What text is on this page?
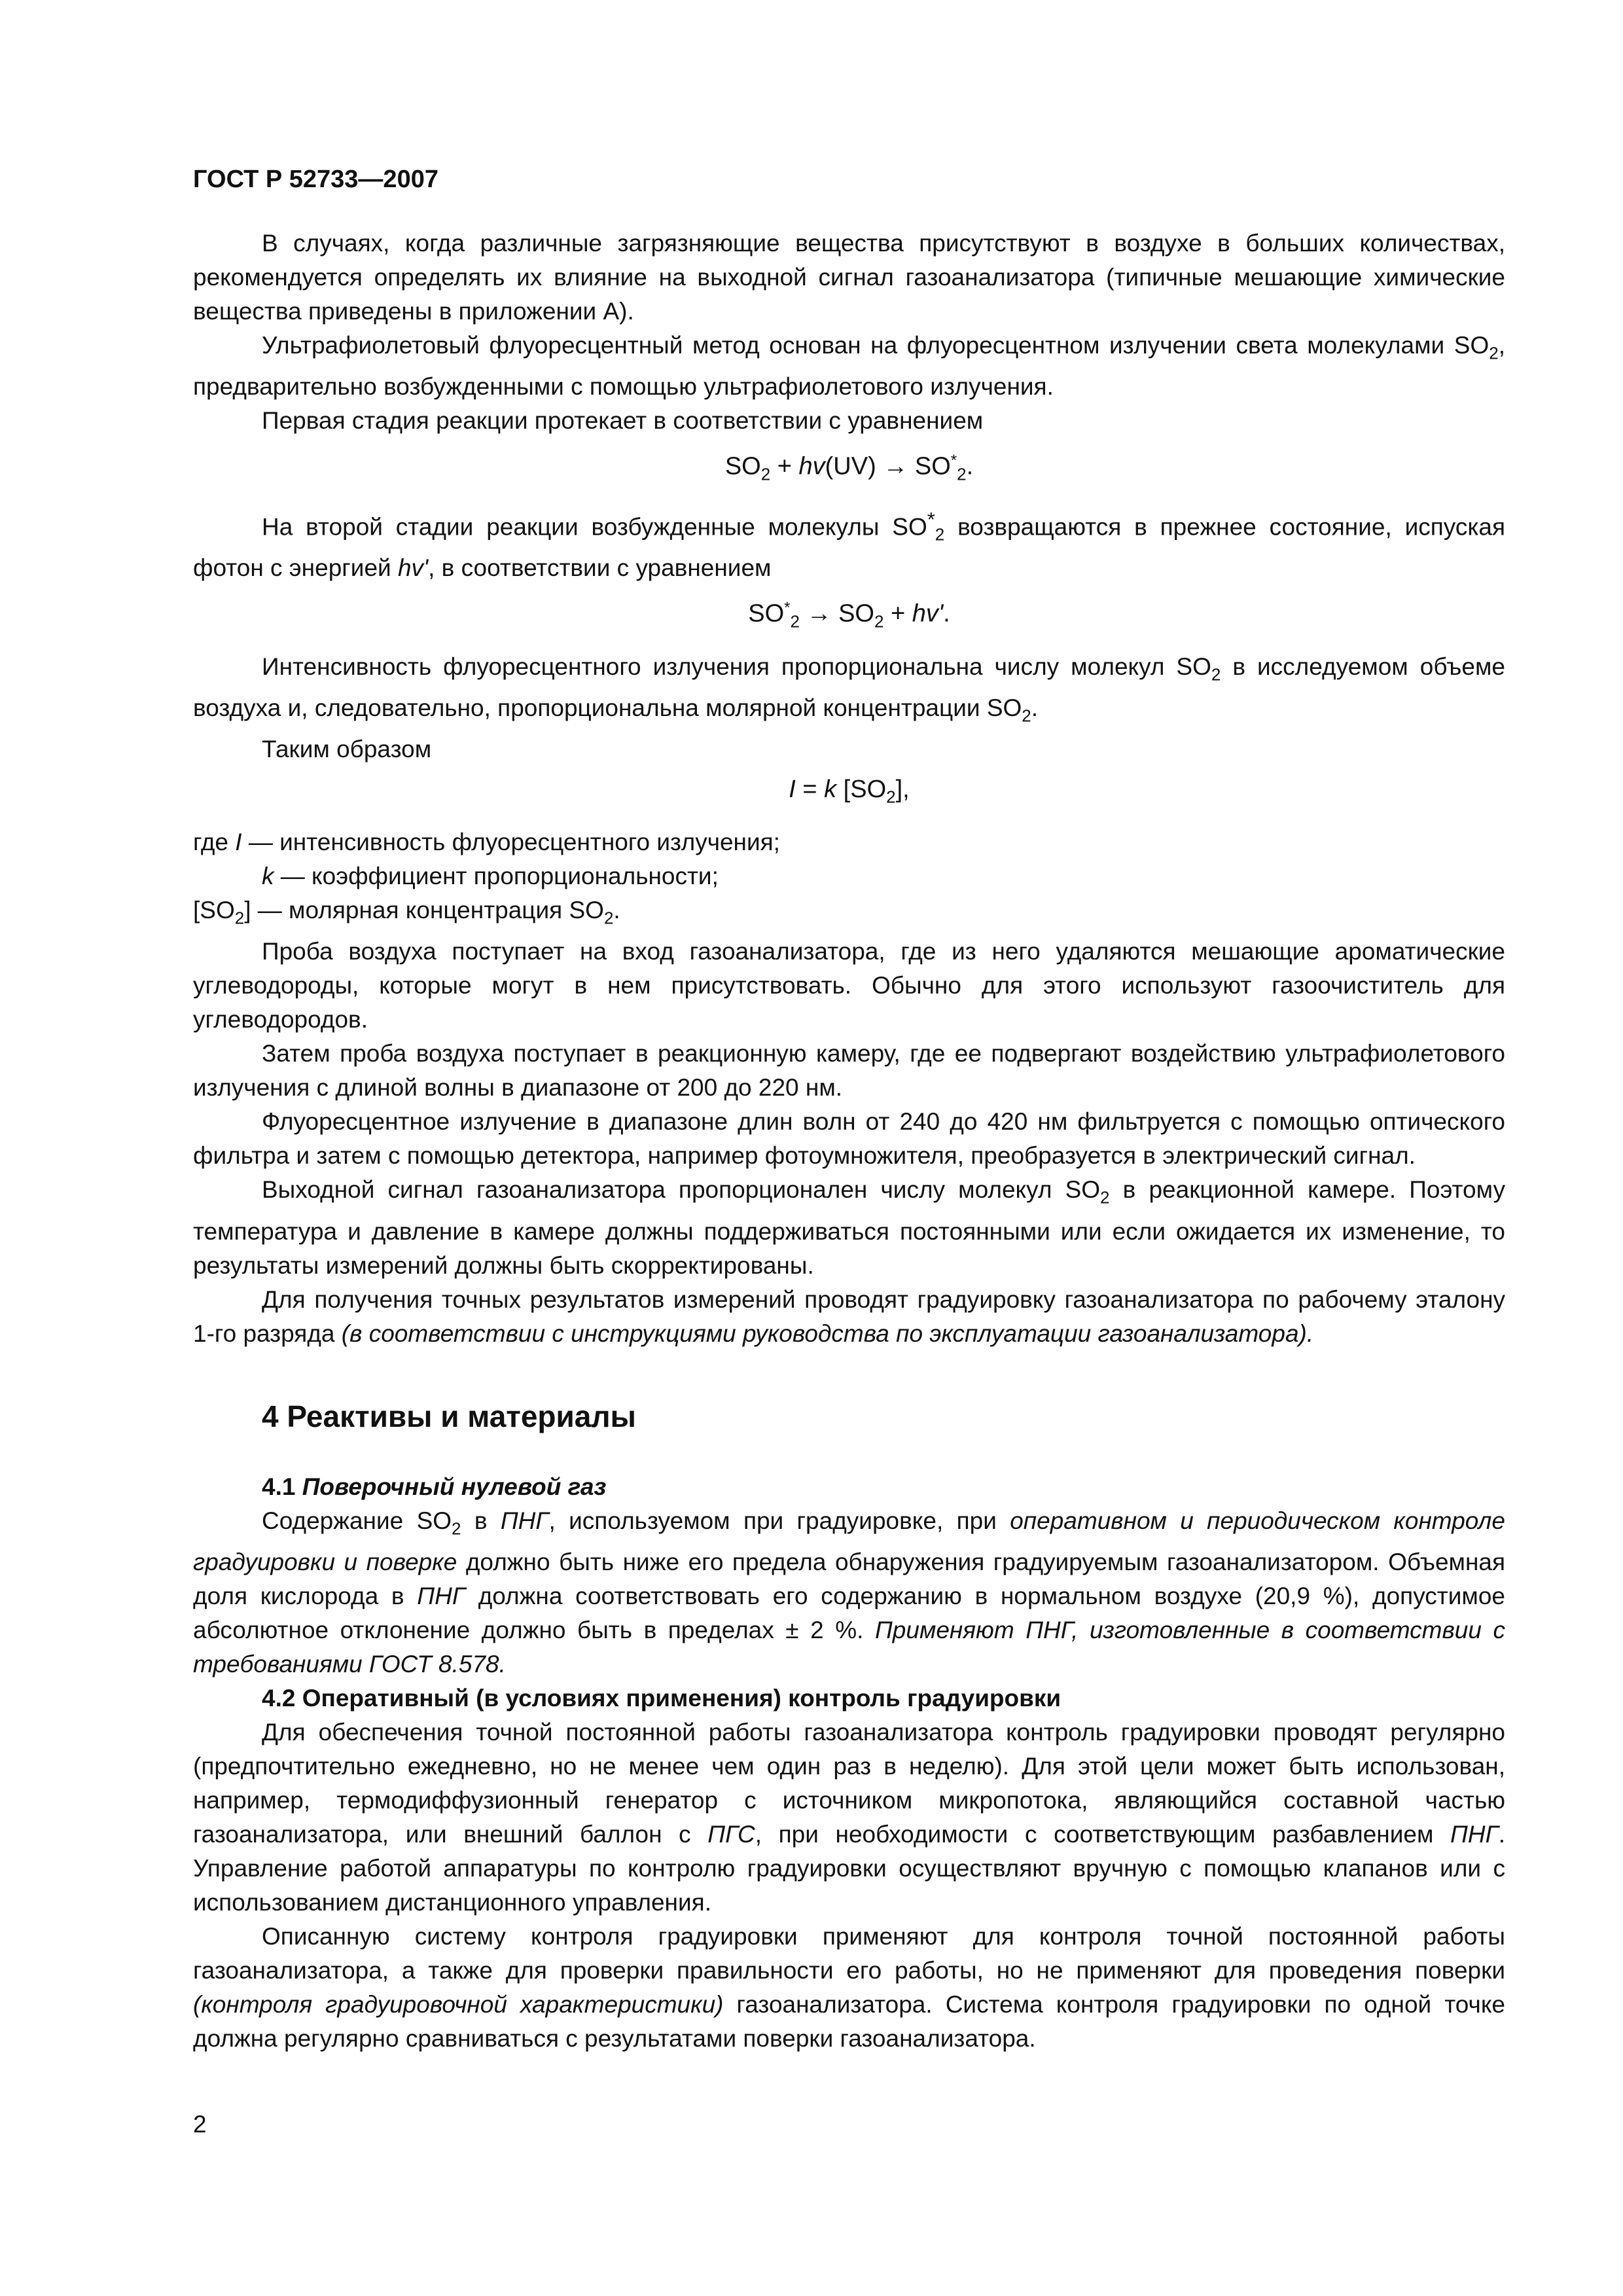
ГОСТ Р 52733—2007

В случаях, когда различные загрязняющие вещества присутствуют в воздухе в больших количествах, рекомендуется определять их влияние на выходной сигнал газоанализатора (типичные мешающие химические вещества приведены в приложении А).

Ультрафиолетовый флуоресцентный метод основан на флуоресцентном излучении света молекулами $SO_2$, предварительно возбужденными с помощью ультрафиолетового излучения.

Первая стадия реакции протекает в соответствии с уравнением

$SO_2 + hv(UV) \to SO^*_2$.

На второй стадии реакции возбужденные молекулы $SO^*_2$ возвращаются в прежнее состояние, испуская фотон с энергией hv', в соответствии с уравнением

$SO^*_2 \to SO_2 + hv'$.

Интенсивность флуоресцентного излучения пропорциональна числу молекул $SO_2$ в исследуемом объеме воздуха и, следовательно, пропорциональна молярной концентрации $SO_2$.

Таким образом

I = k $[SO_2]$,

где I — интенсивность флуоресцентного излучения;

k — коэффициент пропорциональности;

$[SO_2]$ — молярная концентрация $SO_2$.

Проба воздуха поступает на вход газоанализатора, где из него удаляются мешающие ароматические углеводороды, которые могут в нем присутствовать. Обычно для этого используют газоочиститель для углеводородов.

Затем проба воздуха поступает в реакционную камеру, где ее подвергают воздействию ультрафиолетового излучения с длиной волны в диапазоне от 200 до 220 нм.

Флуоресцентное излучение в диапазоне длин волн от 240 до 420 нм фильтруется с помощью оптического фильтра и затем с помощью детектора, например фотоумножителя, преобразуется в электрический сигнал.

Выходной сигнал газоанализатора пропорционален числу молекул $SO_2$ в реакционной камере. Поэтому температура и давление в камере должны поддерживаться постоянными или если ожидается их изменение, то результаты измерений должны быть скорректированы.

Для получения точных результатов измерений проводят градуировку газоанализатора по рабочему эталону 1-го разряда (в соответствии с инструкциями руководства по эксплуатации газоанализатора).

4 Реактивы и материалы
4.1 Поверочный нулевой газ

Содержание $SO_2$ в ПНГ, используемом при градуировке, при оперативном и периодическом контроле градуировки и поверке должно быть ниже его предела обнаружения градуируемым газоанализатором. Объемная доля кислорода в ПНГ должна соответствовать его содержанию в нормальном воздухе (20,9 %), допустимое абсолютное отклонение должно быть в пределах ± 2 %. Применяют ПНГ, изготовленные в соответствии с требованиями ГОСТ 8.578.

4.2 Оперативный (в условиях применения) контроль градуировки

Для обеспечения точной постоянной работы газоанализатора контроль градуировки проводят регулярно (предпочтительно ежедневно, но не менее чем один раз в неделю). Для этой цели может быть использован, например, термодиффузионный генератор с источником микропотока, являющийся составной частью газоанализатора, или внешний баллон с ПГС, при необходимости с соответствующим разбавлением ПНГ. Управление работой аппаратуры по контролю градуировки осуществляют вручную с помощью клапанов или с использованием дистанционного управления.

Описанную систему контроля градуировки применяют для контроля точной постоянной работы газоанализатора, а также для проверки правильности его работы, но не применяют для проведения поверки (контроля градуировочной характеристики) газоанализатора. Система контроля градуировки по одной точке должна регулярно сравниваться с результатами поверки газоанализатора.

2
